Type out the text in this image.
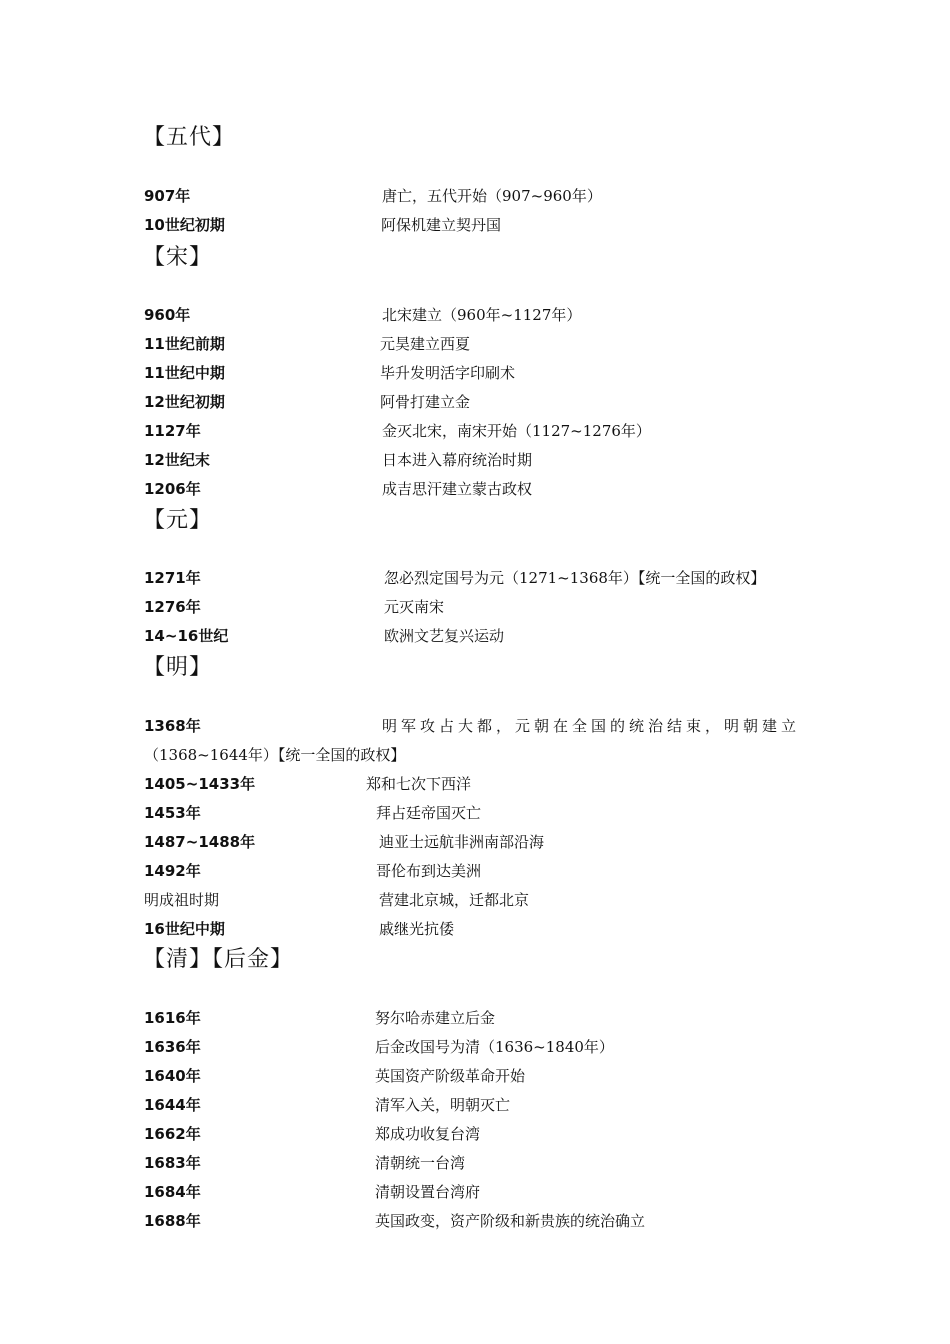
【五代】
907年	唐亡，五代开始（907~960年）
10世纪初期	阿保机建立契丹国
【宋】
960年	北宋建立（960年~1127年）
11世纪前期	元昊建立西夏
11世纪中期	毕升发明活字印刷术
12世纪初期	阿骨打建立金
1127年	金灭北宋，南宋开始（1127~1276年）
12世纪末	日本进入幕府统治时期
1206年	成吉思汗建立蒙古政权
【元】
1271年	忽必烈定国号为元（1271~1368年）【统一全国的政权】
1276年	元灭南宋
14~16世纪	欧洲文艺复兴运动
【明】
1368年	明军攻占大都，元朝在全国的统治结束，明朝建立
（1368~1644年）【统一全国的政权】
1405~1433年	郑和七次下西洋
1453年	拜占廷帝国灭亡
1487~1488年	迪亚士远航非洲南部沿海
1492年	哥伦布到达美洲
明成祖时期	营建北京城，迁都北京
16世纪中期	戚继光抗倭
【清】【后金】
1616年	努尔哈赤建立后金
1636年	后金改国号为清（1636~1840年）
1640年	英国资产阶级革命开始
1644年	清军入关，明朝灭亡
1662年	郑成功收复台湾
1683年	清朝统一台湾
1684年	清朝设置台湾府
1688年	英国政变，资产阶级和新贵族的统治确立
